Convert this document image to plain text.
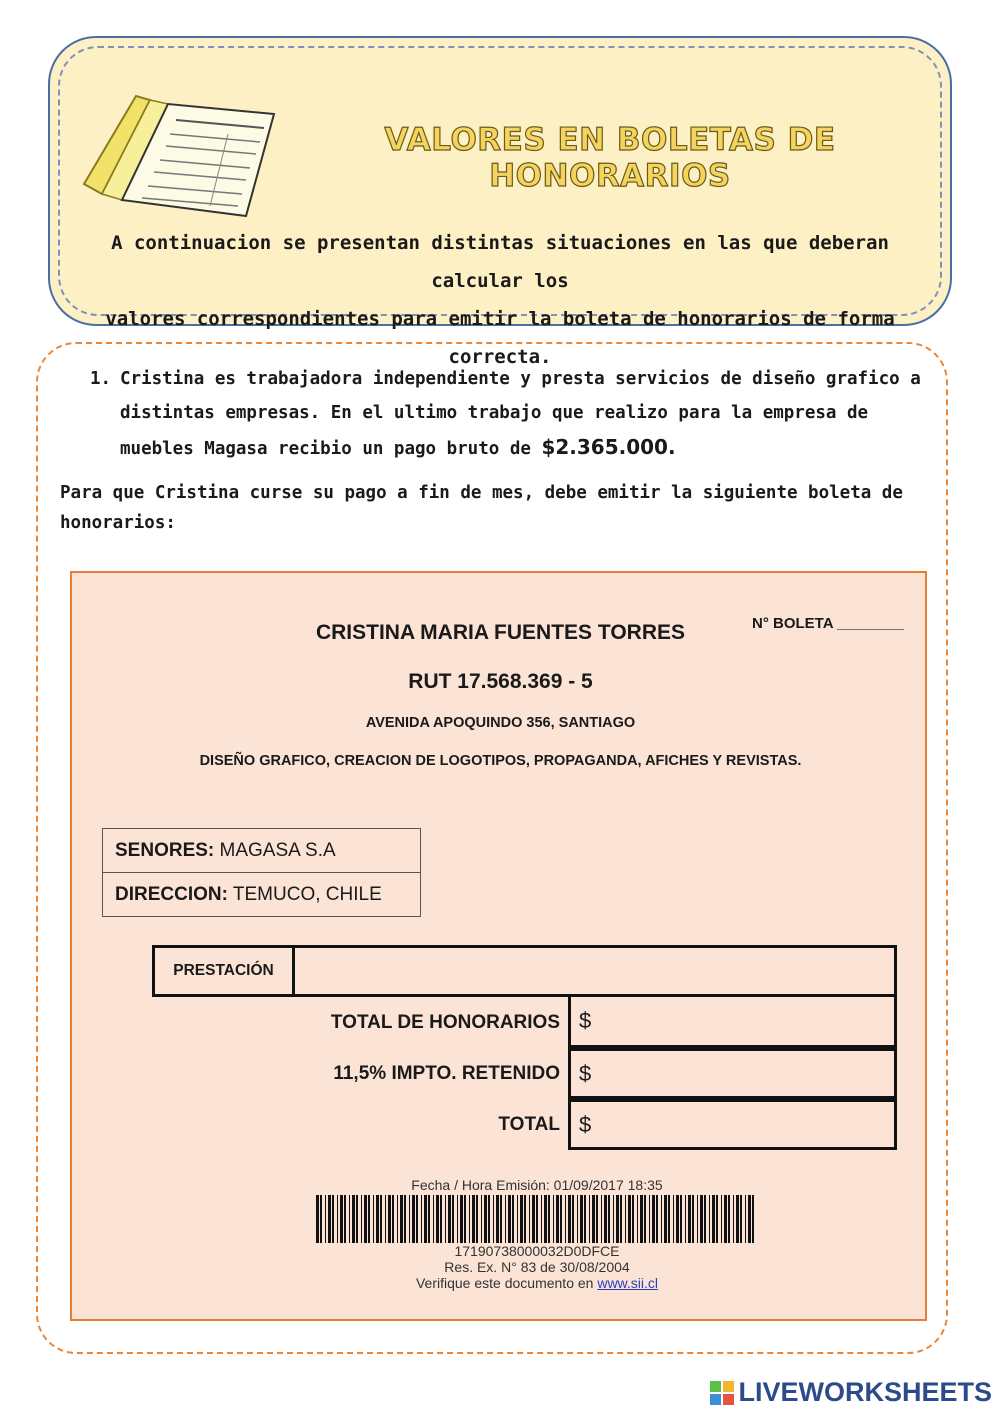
VALORES EN BOLETAS DE HONORARIOS
A continuacion se presentan distintas situaciones en las que deberan calcular los
valores correspondientes para emitir la boleta de honorarios de forma correcta.
1. Cristina es trabajadora independiente y presta servicios de diseño grafico a distintas empresas. En el ultimo trabajo que realizo para la empresa de muebles Magasa recibio un pago bruto de $2.365.000.
Para que Cristina curse su pago a fin de mes, debe emitir la siguiente boleta de honorarios:
CRISTINA MARIA FUENTES TORRES	N° BOLETA ________
RUT 17.568.369 - 5
AVENIDA APOQUINDO 356, SANTIAGO
DISEÑO GRAFICO, CREACION DE LOGOTIPOS, PROPAGANDA, AFICHES Y REVISTAS.
SENORES: MAGASA S.A
DIRECCION: TEMUCO, CHILE
PRESTACIÓN
TOTAL DE HONORARIOS $
11,5% IMPTO. RETENIDO $
TOTAL $
Fecha / Hora Emisión: 01/09/2017 18:35
17190738000032D0DFCE
Res. Ex. N° 83 de 30/08/2004
Verifique este documento en www.sii.cl
LIVEWORKSHEETS
